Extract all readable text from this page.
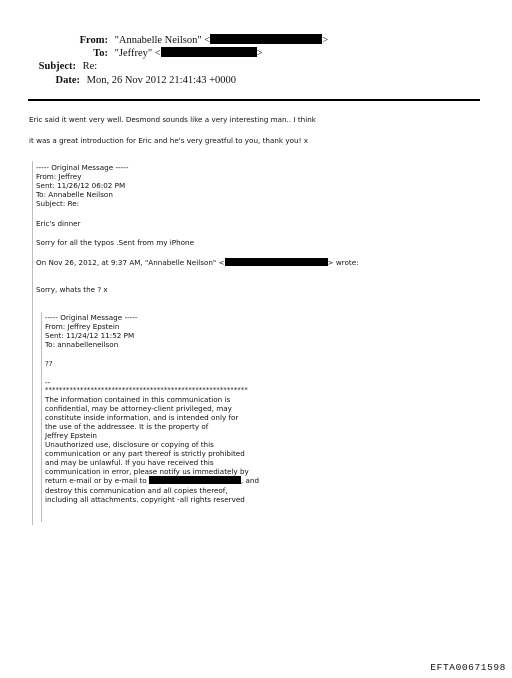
From: "Annabelle Neilson" <	>
To: "Jeffrey" <	>
Subject: Re:
Date: Mon, 26 Nov 2012 21:41:43 +0000
Eric said it went very well. Desmond sounds like a very interesting man.. I think
it was a great introduction for Eric and he's very greatful to you, thank you! x
----- Original Message -----
From: Jeffrey
Sent: 11/26/12 06:02 PM
To: Annabelle Neilson
Subject: Re:
Eric's dinner
Sorry for all the typos .Sent from my iPhone
On Nov 26, 2012, at 9:37 AM, "Annabelle Neilson" <	> wrote:
Sorry, whats the ? x
----- Original Message -----
From: Jeffrey Epstein
Sent: 11/24/12 11:52 PM
To: annabelleneilson
??
--
**********************************************************
The information contained in this communication is
confidential, may be attorney-client privileged, may
constitute inside information, and is intended only for
the use of the addressee. It is the property of
Jeffrey Epstein
Unauthorized use, disclosure or copying of this
communication or any part thereof is strictly prohibited
and may be unlawful. If you have received this
communication in error, please notify us immediately by
return e-mail or by e-mail to	, and
destroy this communication and all copies thereof,
including all attachments. copyright -all rights reserved
EFTA00671598
